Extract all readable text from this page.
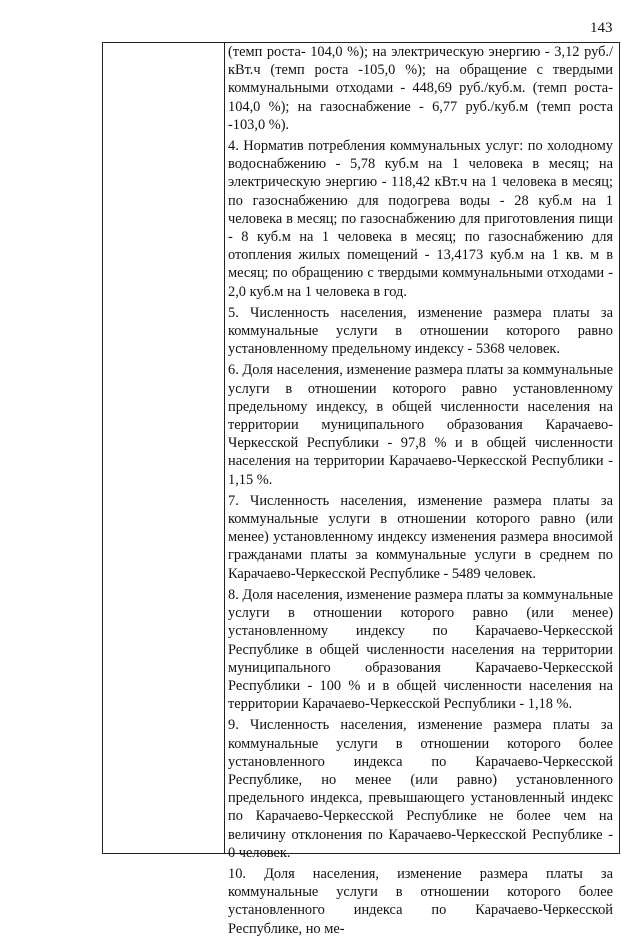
143

(темп роста- 104,0 %); на электрическую энергию - 3,12 руб./кВт.ч (темп роста -105,0 %); на обращение с твердыми коммунальными отходами - 448,69 руб./куб.м. (темп роста- 104,0 %); на газоснабжение - 6,77 руб./куб.м (темп роста -103,0 %).

4. Норматив потребления коммунальных услуг: по холодному водоснабжению - 5,78 куб.м на 1 человека в месяц; на электрическую энергию - 118,42 кВт.ч на 1 человека в месяц; по газоснабжению для подогрева воды - 28 куб.м на 1 человека в месяц; по газоснабжению для приготовления пищи - 8 куб.м на 1 человека в месяц; по газоснабжению для отопления жилых помещений - 13,4173 куб.м на 1 кв. м в месяц; по обращению с твердыми коммунальными отходами - 2,0 куб.м на 1 человека в год.

5. Численность населения, изменение размера платы за коммунальные услуги в отношении которого равно установленному предельному индексу - 5368 человек.

6. Доля населения, изменение размера платы за коммунальные услуги в отношении которого равно установленному предельному индексу, в общей численности населения на территории муниципального образования Карачаево-Черкесской Республики - 97,8 % и в общей численности населения на территории Карачаево-Черкесской Республики - 1,15 %.

7. Численность населения, изменение размера платы за коммунальные услуги в отношении которого равно (или менее) установленному индексу изменения размера вносимой гражданами платы за коммунальные услуги в среднем по Карачаево-Черкесской Республике - 5489 человек.

8. Доля населения, изменение размера платы за коммунальные услуги в отношении которого равно (или менее) установленному индексу по Карачаево-Черкесской Республике в общей численности населения на территории муниципального образования Карачаево-Черкесской Республики - 100 % и в общей численности населения на территории Карачаево-Черкесской Республики - 1,18 %.

9. Численность населения, изменение размера платы за коммунальные услуги в отношении которого более установленного индекса по Карачаево-Черкесской Республике, но менее (или равно) установленного предельного индекса, превышающего установленный индекс по Карачаево-Черкесской Республике не более чем на величину отклонения по Карачаево-Черкесской Республике - 0 человек.

10. Доля населения, изменение размера платы за коммунальные услуги в отношении которого более установленного индекса по Карачаево-Черкесской Республике, но ме-
